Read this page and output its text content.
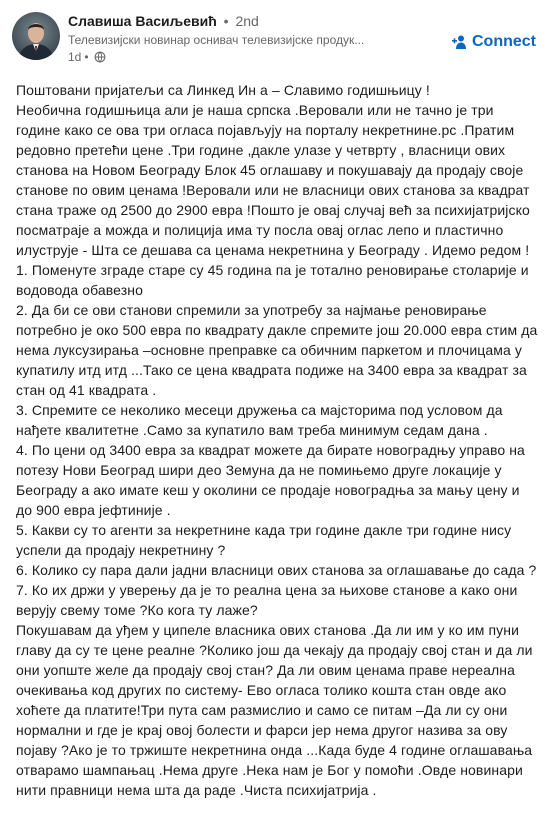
Славиша Васиљевић • 2nd
Телевизијски новинар оснивач телевизијске продук...
1d •
Connect

Поштовани пријатељи са Линкед Ин а – Славимо годишњицу !

Необична годишњица али је наша српска .Веровали или не тачно је три

године како се ова три огласа појављују на порталу некретнине.рс .Пратим

редовно претећи цене .Три године ,дакле улазе у четврту , власници ових

станова на Новом Београду Блок 45 оглашаву и покушавају да продају своје

станове по овим ценама !Веровали или не власници ових станова за квадрат

стана траже од 2500 до 2900 евра !Пошто је овај случај већ за психијатријско

посматраје а можда и полиција има ту посла овај оглас лепо и пластично

илуструје - Шта се дешава са ценама некретнина у Београду . Идемо редом !

1. Поменуте зграде старе су 45 година па је тотално реновирање столарије и

водовода обавезно

2. Да би се ови станови спремили за употребу за најмање реновирање

потребно је око 500 евра по квадрату дакле спремите још 20.000 евра стим да

нема луксузирања –основне преправке са обичним паркетом и плочицама у

купатилу итд итд ...Тако се цена квадрата подиже на 3400 евра за квадрат за

стан од 41 квадрата .

3. Спремите се неколико месеци дружења са мајсторима под условом да

нађете квалитетне .Само за купатило вам треба минимум седам дана .

4. По цени од 3400 евра за квадрат можете да бирате новоградњу управо на

потезу Нови Београд шири део Земуна да не помињемо друге локације у

Београду а ако имате кеш у околини се продаје новоградња за мању цену и

до 900 евра јефтиније .

5. Какви су то агенти за некретнине када три године дакле три године нису

успели да продају некретнину ?

6. Колико су пара дали јадни власници ових станова за оглашавање до сада ?

7. Ко их држи у уверењу да је то реална цена за њихове станове а како они

верују свему томе ?Ко кога ту лаже?

Покушавам да уђем у ципеле власника ових станова .Да ли им у ко им пуни

главу да су те цене реалне ?Колико још да чекају да продају свој стан и да ли

они уопште желе да продају свој стан? Да ли овим ценама праве нереална

очекивања код других по систему- Ево огласа толико кошта стан овде ако

хоћете да платите!Три пута сам размислио и само се питам –Да ли су они

нормални и где је крај овој болести и фарси јер нема другог назива за ову

појаву ?Ако је то тржиште некретнина онда ...Када буде 4 године оглашавања

отварамо шампањац .Нема друге .Нека нам је Бог у помоћи .Овде новинари

нити правници нема шта да раде .Чиста психијатрија .
